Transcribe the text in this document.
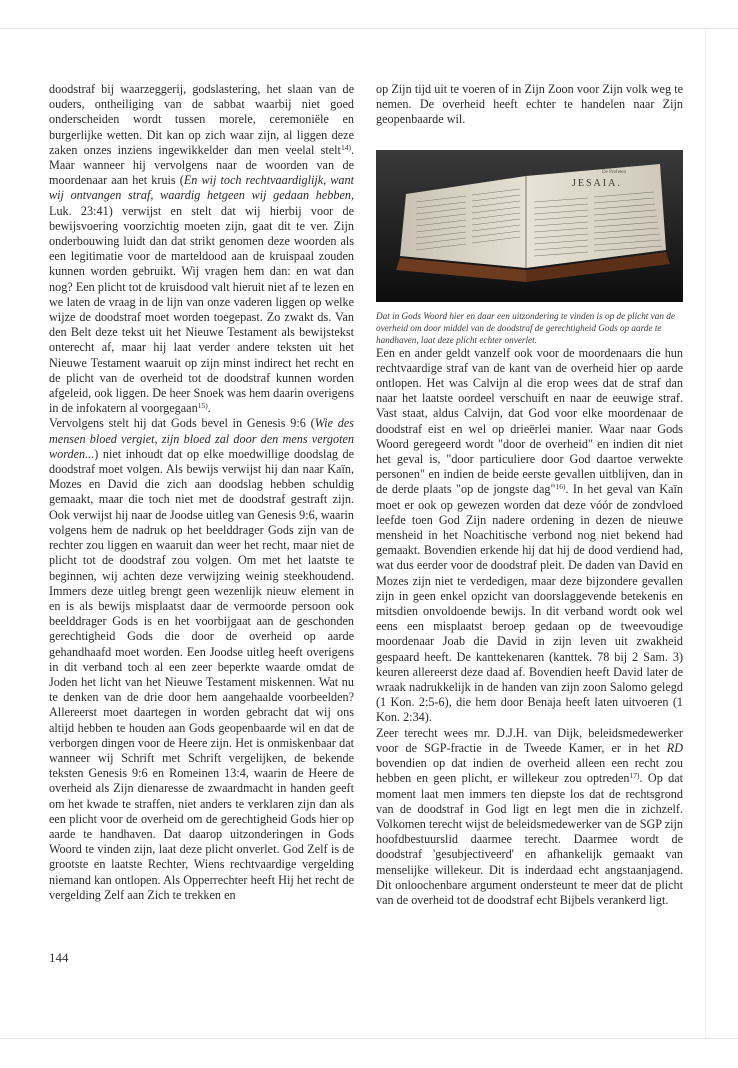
doodstraf bij waarzeggerij, godslastering, het slaan van de ouders, ontheiliging van de sabbat waarbij niet goed onderscheiden wordt tussen morele, ceremoniële en burgerlijke wetten. Dit kan op zich waar zijn, al liggen deze zaken onzes inziens ingewikkelder dan men veelal stelt$^{14)}$. Maar wanneer hij vervolgens naar de woorden van de moordenaar aan het kruis (En wij toch rechtvaardiglijk, want wij ontvangen straf, waardig hetgeen wij gedaan hebben, Luk. 23:41) verwijst en stelt dat wij hierbij voor de bewijsvoering voorzichtig moeten zijn, gaat dit te ver. Zijn onderbouwing luidt dan dat strikt genomen deze woorden als een legitimatie voor de marteldood aan de kruispaal zouden kunnen worden gebruikt. Wij vragen hem dan: en wat dan nog? Een plicht tot de kruisdood valt hieruit niet af te lezen en we laten de vraag in de lijn van onze vaderen liggen op welke wijze de doodstraf moet worden toegepast. Zo zwakt ds. Van den Belt deze tekst uit het Nieuwe Testament als bewijstekst onterecht af, maar hij laat verder andere teksten uit het Nieuwe Testament waaruit op zijn minst indirect het recht en de plicht van de overheid tot de doodstraf kunnen worden afgeleid, ook liggen. De heer Snoek was hem daarin overigens in de infokatern al voorgegaan$^{15)}$.

Vervolgens stelt hij dat Gods bevel in Genesis 9:6 (Wie des mensen bloed vergiet, zijn bloed zal door den mens vergoten worden...) niet inhoudt dat op elke moedwillige doodslag de doodstraf moet volgen. Als bewijs verwijst hij dan naar Kaïn, Mozes en David die zich aan doodslag hebben schuldig gemaakt, maar die toch niet met de doodstraf gestraft zijn. Ook verwijst hij naar de Joodse uitleg van Genesis 9:6, waarin volgens hem de nadruk op het beelddrager Gods zijn van de rechter zou liggen en waaruit dan weer het recht, maar niet de plicht tot de doodstraf zou volgen. Om met het laatste te beginnen, wij achten deze verwijzing weinig steekhoudend. Immers deze uitleg brengt geen wezenlijk nieuw element in en is als bewijs misplaatst daar de vermoorde persoon ook beelddrager Gods is en het voorbijgaat aan de geschonden gerechtigheid Gods die door de overheid op aarde gehandhaafd moet worden. Een Joodse uitleg heeft overigens in dit verband toch al een zeer beperkte waarde omdat de Joden het licht van het Nieuwe Testament miskennen. Wat nu te denken van de drie door hem aangehaalde voorbeelden? Allereerst moet daartegen in worden gebracht dat wij ons altijd hebben te houden aan Gods geopenbaarde wil en dat de verborgen dingen voor de Heere zijn. Het is onmiskenbaar dat wanneer wij Schrift met Schrift vergelijken, de bekende teksten Genesis 9:6 en Romeinen 13:4, waarin de Heere de overheid als Zijn dienaresse de zwaardmacht in handen geeft om het kwade te straffen, niet anders te verklaren zijn dan als een plicht voor de overheid om de gerechtigheid Gods hier op aarde te handhaven. Dat daarop uitzonderingen in Gods Woord te vinden zijn, laat deze plicht onverlet. God Zelf is de grootste en laatste Rechter, Wiens rechtvaardige vergelding niemand kan ontlopen. Als Opperrechter heeft Hij het recht de vergelding Zelf aan Zich te trekken en

op Zijn tijd uit te voeren of in Zijn Zoon voor Zijn volk weg te nemen. De overheid heeft echter te handelen naar Zijn geopenbaarde wil.

De Profeten
JESAIA.

Dat in Gods Woord hier en daar een uitzondering te vinden is op de plicht van de overheid om door middel van de doodstraf de gerechtigheid Gods op aarde te handhaven, laat deze plicht echter onverlet.

Een en ander geldt vanzelf ook voor de moordenaars die hun rechtvaardige straf van de kant van de overheid hier op aarde ontlopen. Het was Calvijn al die erop wees dat de straf dan naar het laatste oordeel verschuift en naar de eeuwige straf. Vast staat, aldus Calvijn, dat God voor elke moordenaar de doodstraf eist en wel op drieërlei manier. Waar naar Gods Woord geregeerd wordt "door de overheid" en indien dit niet het geval is, "door particuliere door God daartoe verwekte personen" en indien de beide eerste gevallen uitblijven, dan in de derde plaats "op de jongste dag"$^{16)}$. In het geval van Kaïn moet er ook op gewezen worden dat deze vóór de zondvloed leefde toen God Zijn nadere ordening in dezen de nieuwe mensheid in het Noachitische verbond nog niet bekend had gemaakt. Bovendien erkende hij dat hij de dood verdiend had, wat dus eerder voor de doodstraf pleit. De daden van David en Mozes zijn niet te verdedigen, maar deze bijzondere gevallen zijn in geen enkel opzicht van doorslaggevende betekenis en mitsdien onvoldoende bewijs. In dit verband wordt ook wel eens een misplaatst beroep gedaan op de tweevoudige moordenaar Joab die David in zijn leven uit zwakheid gespaard heeft. De kanttekenaren (kanttek. 78 bij 2 Sam. 3) keuren allereerst deze daad af. Bovendien heeft David later de wraak nadrukkelijk in de handen van zijn zoon Salomo gelegd (1 Kon. 2:5-6), die hem door Benaja heeft laten uitvoeren (1 Kon. 2:34).

Zeer terecht wees mr. D.J.H. van Dijk, beleidsmedewerker voor de SGP-fractie in de Tweede Kamer, er in het RD bovendien op dat indien de overheid alleen een recht zou hebben en geen plicht, er willekeur zou optreden$^{17)}$. Op dat moment laat men immers ten diepste los dat de rechtsgrond van de doodstraf in God ligt en legt men die in zichzelf. Volkomen terecht wijst de beleidsmedewerker van de SGP zijn hoofdbestuurslid daarmee terecht. Daarmee wordt de doodstraf 'gesubjectiveerd' en afhankelijk gemaakt van menselijke willekeur. Dit is inderdaad echt angstaanjagend. Dit onloochenbare argument ondersteunt te meer dat de plicht van de overheid tot de doodstraf echt Bijbels verankerd ligt.

144
